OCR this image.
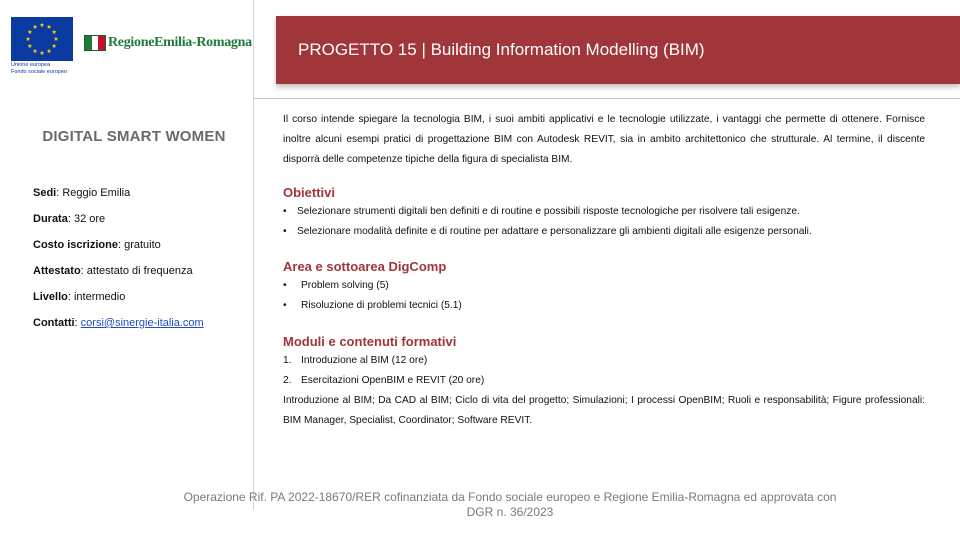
Unione europea
Fondo sociale europeo
RegioneEmilia-Romagna	PROGETTO 15 | Building Information Modelling (BIM)
DIGITAL SMART WOMEN
Sedi: Reggio Emilia
Durata: 32 ore
Costo iscrizione: gratuito
Attestato: attestato di frequenza
Livello: intermedio
Contatti: corsi@sinergie-italia.com

Il corso intende spiegare la tecnologia BIM, i suoi ambiti applicativi e le tecnologie utilizzate, i vantaggi che permette di ottenere. Fornisce inoltre alcuni esempi pratici di progettazione BIM con Autodesk REVIT, sia in ambito architettonico che strutturale. Al termine, il discente disporrà delle competenze tipiche della figura di specialista BIM.

Obiettivi
• Selezionare strumenti digitali ben definiti e di routine e possibili risposte tecnologiche per risolvere tali esigenze.
• Selezionare modalità definite e di routine per adattare e personalizzare gli ambienti digitali alle esigenze personali.
Area e sottoarea DigComp
• Problem solving (5)
• Risoluzione di problemi tecnici (5.1)
Moduli e contenuti formativi
1. Introduzione al BIM (12 ore)
2. Esercitazioni OpenBIM e REVIT (20 ore)

Introduzione al BIM; Da CAD al BIM; Ciclo di vita del progetto; Simulazioni; I processi OpenBIM; Ruoli e responsabilità; Figure professionali: BIM Manager, Specialist, Coordinator; Software REVIT.

Operazione Rif. PA 2022-18670/RER cofinanziata da Fondo sociale europeo e Regione Emilia-Romagna ed approvata con
DGR n. 36/2023
